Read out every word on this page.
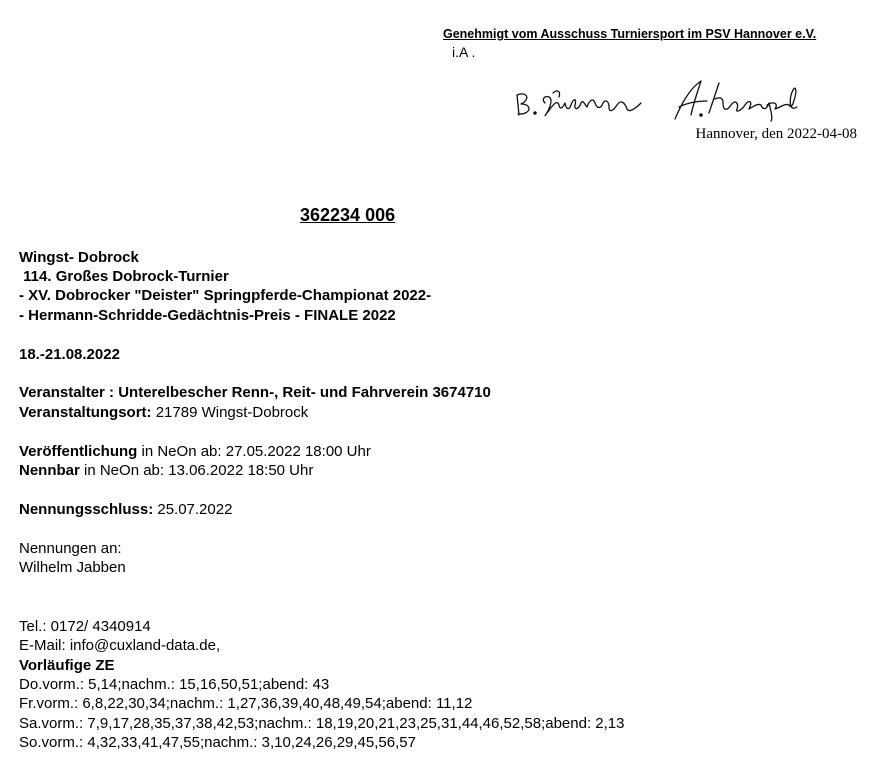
Genehmigt vom Ausschuss Turniersport im PSV Hannover e.V.
i.A .
Hannover, den 2022-04-08
362234 006
Wingst- Dobrock
114. Großes Dobrock-Turnier
- XV. Dobrocker "Deister" Springpferde-Championat 2022-
- Hermann-Schridde-Gedächtnis-Preis - FINALE 2022
18.-21.08.2022
Veranstalter : Unterelbescher Renn-, Reit- und Fahrverein 3674710
Veranstaltungsort: 21789 Wingst-Dobrock
Veröffentlichung in NeOn ab: 27.05.2022 18:00 Uhr
Nennbar in NeOn ab: 13.06.2022 18:50 Uhr
Nennungsschluss: 25.07.2022
Nennungen an:
Wilhelm Jabben
Tel.: 0172/ 4340914
E-Mail: info@cuxland-data.de,
Vorläufige ZE
Do.vorm.: 5,14;nachm.: 15,16,50,51;abend: 43
Fr.vorm.: 6,8,22,30,34;nachm.: 1,27,36,39,40,48,49,54;abend: 11,12
Sa.vorm.: 7,9,17,28,35,37,38,42,53;nachm.: 18,19,20,21,23,25,31,44,46,52,58;abend: 2,13
So.vorm.: 4,32,33,41,47,55;nachm.: 3,10,24,26,29,45,56,57
